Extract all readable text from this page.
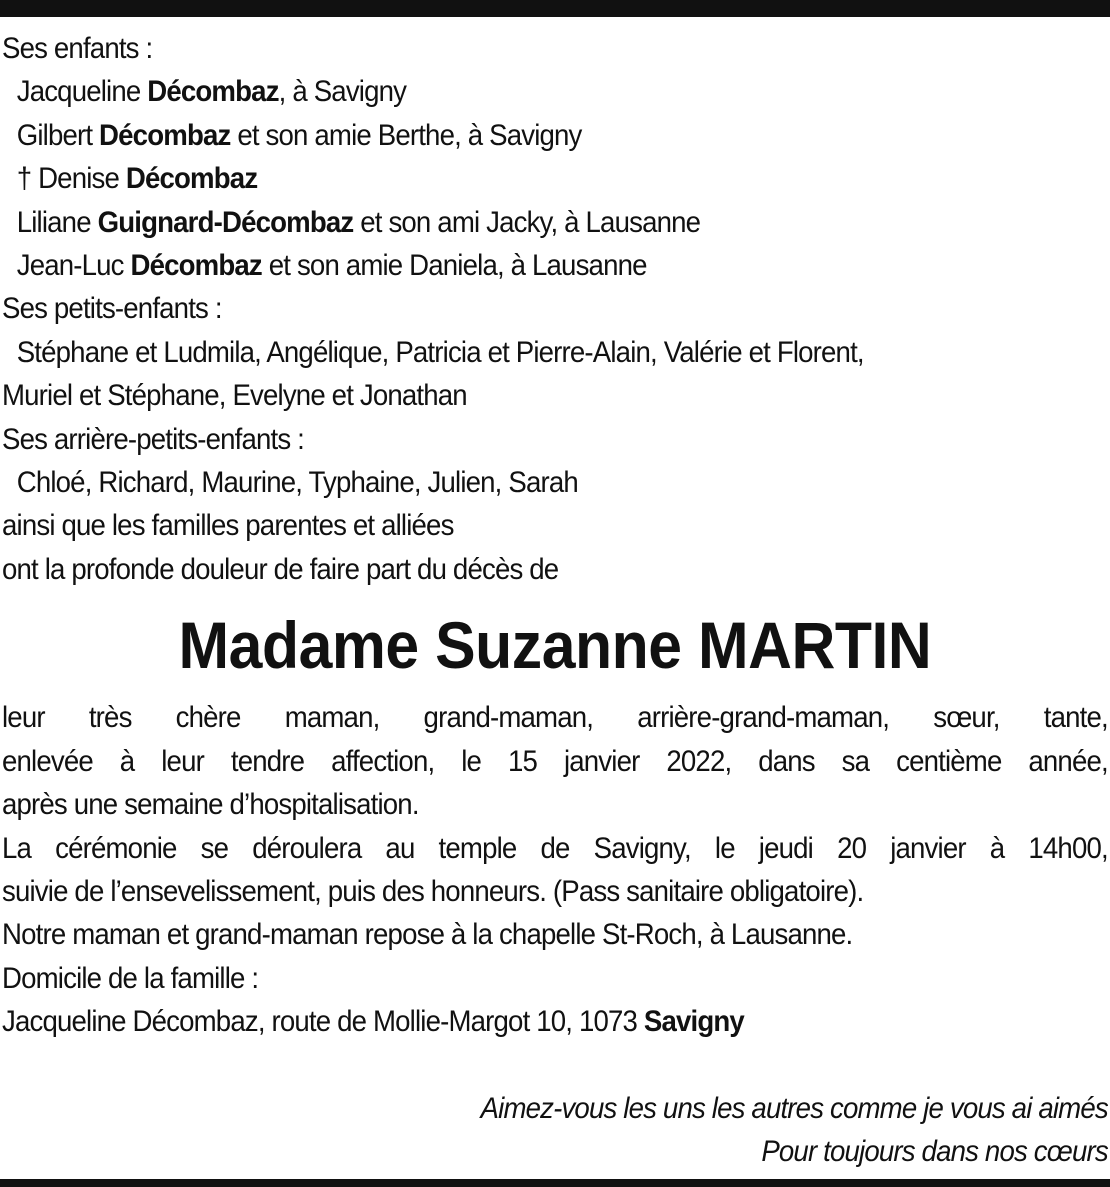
Ses enfants :
Jacqueline Décombaz, à Savigny
Gilbert Décombaz et son amie Berthe, à Savigny
† Denise Décombaz
Liliane Guignard-Décombaz et son ami Jacky, à Lausanne
Jean-Luc Décombaz et son amie Daniela, à Lausanne
Ses petits-enfants :
Stéphane et Ludmila, Angélique, Patricia et Pierre-Alain, Valérie et Florent,
Muriel et Stéphane, Evelyne et Jonathan
Ses arrière-petits-enfants :
Chloé, Richard, Maurine, Typhaine, Julien, Sarah
ainsi que les familles parentes et alliées
ont la profonde douleur de faire part du décès de
Madame Suzanne MARTIN
leur très chère maman, grand-maman, arrière-grand-maman, sœur, tante,
enlevée à leur tendre affection, le 15 janvier 2022, dans sa centième année,
après une semaine d’hospitalisation.
La cérémonie se déroulera au temple de Savigny, le jeudi 20 janvier à 14h00,
suivie de l’ensevelissement, puis des honneurs. (Pass sanitaire obligatoire).
Notre maman et grand-maman repose à la chapelle St-Roch, à Lausanne.
Domicile de la famille :
Jacqueline Décombaz, route de Mollie-Margot 10, 1073 Savigny
Aimez-vous les uns les autres comme je vous ai aimés
Pour toujours dans nos cœurs
